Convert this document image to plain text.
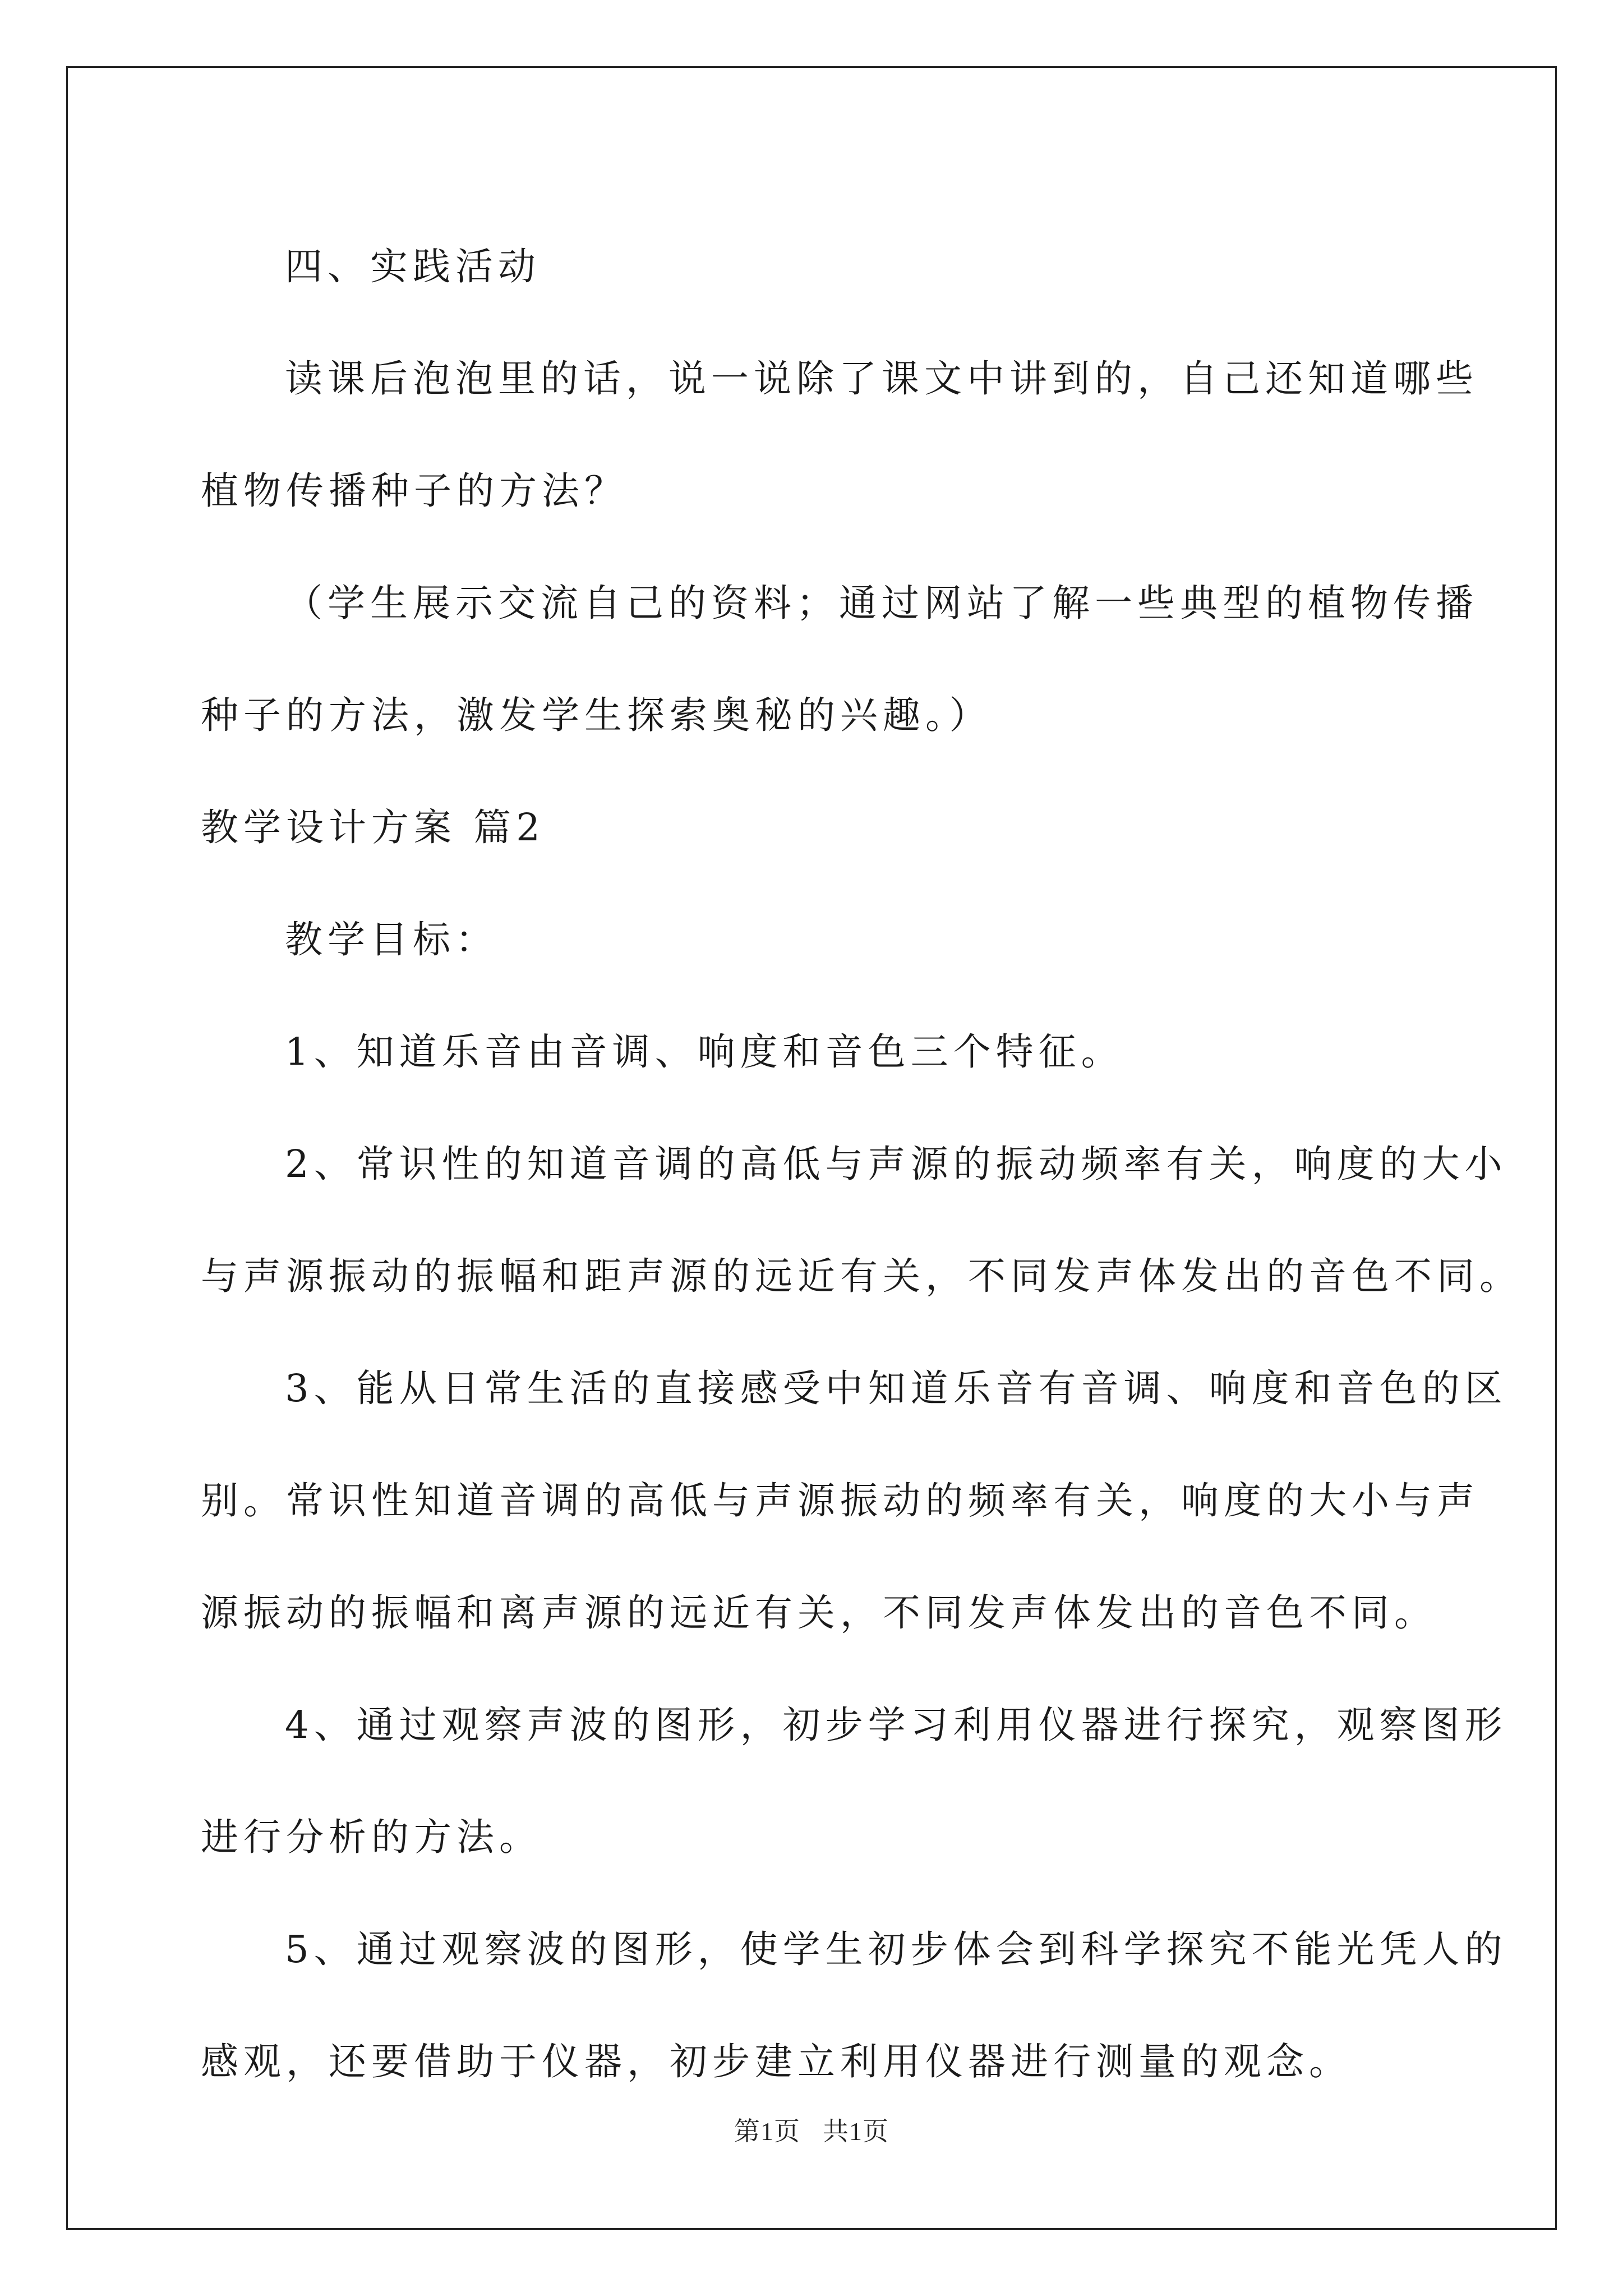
四、实践活动
读课后泡泡里的话，说一说除了课文中讲到的，自己还知道哪些
植物传播种子的方法？
（学生展示交流自己的资料；通过网站了解一些典型的植物传播
种子的方法，激发学生探索奥秘的兴趣。）
教学设计方案 篇2
教学目标：
1、知道乐音由音调、响度和音色三个特征。
2、常识性的知道音调的高低与声源的振动频率有关，响度的大小
与声源振动的振幅和距声源的远近有关，不同发声体发出的音色不同。
3、能从日常生活的直接感受中知道乐音有音调、响度和音色的区
别。常识性知道音调的高低与声源振动的频率有关，响度的大小与声
源振动的振幅和离声源的远近有关，不同发声体发出的音色不同。
4、通过观察声波的图形，初步学习利用仪器进行探究，观察图形
进行分析的方法。
5、通过观察波的图形，使学生初步体会到科学探究不能光凭人的
感观，还要借助于仪器，初步建立利用仪器进行测量的观念。
第1页 共1页
